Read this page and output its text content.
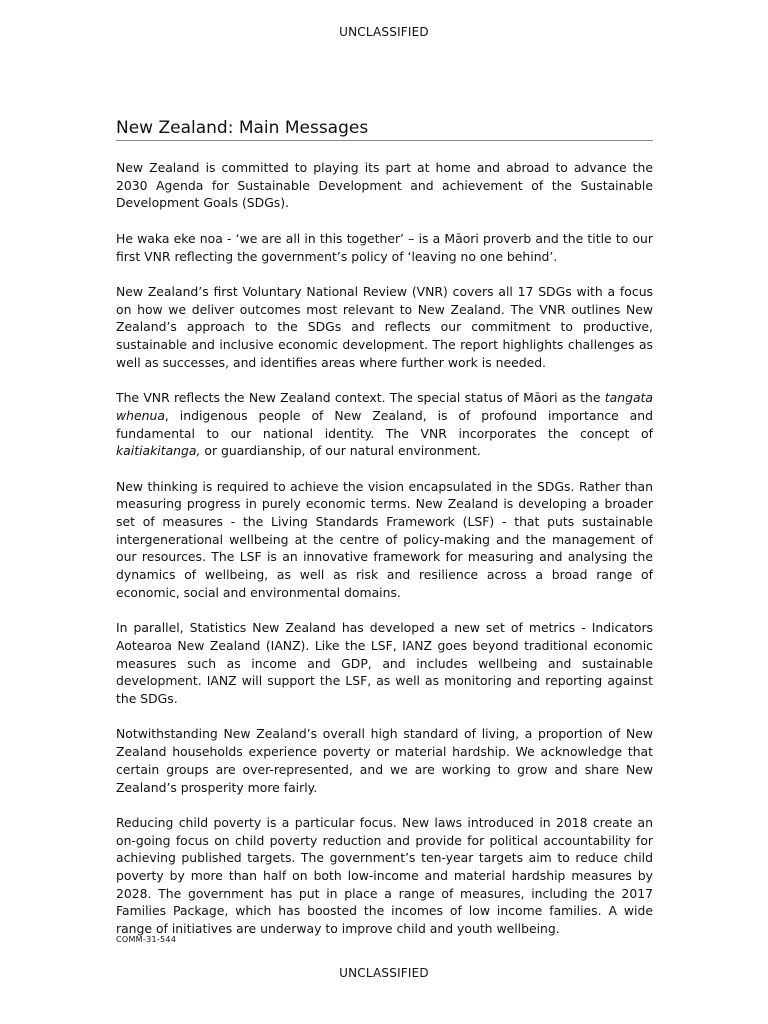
UNCLASSIFIED
New Zealand: Main Messages

New Zealand is committed to playing its part at home and abroad to advance the 2030 Agenda for Sustainable Development and achievement of the Sustainable Development Goals (SDGs).

He waka eke noa - ‘we are all in this together’ – is a Māori proverb and the title to our first VNR reflecting the government’s policy of ‘leaving no one behind’.

New Zealand’s first Voluntary National Review (VNR) covers all 17 SDGs with a focus on how we deliver outcomes most relevant to New Zealand. The VNR outlines New Zealand’s approach to the SDGs and reflects our commitment to productive, sustainable and inclusive economic development. The report highlights challenges as well as successes, and identifies areas where further work is needed.

The VNR reflects the New Zealand context. The special status of Māori as the tangata whenua, indigenous people of New Zealand, is of profound importance and fundamental to our national identity. The VNR incorporates the concept of kaitiakitanga, or guardianship, of our natural environment.

New thinking is required to achieve the vision encapsulated in the SDGs. Rather than measuring progress in purely economic terms. New Zealand is developing a broader set of measures - the Living Standards Framework (LSF) - that puts sustainable intergenerational wellbeing at the centre of policy-making and the management of our resources. The LSF is an innovative framework for measuring and analysing the dynamics of wellbeing, as well as risk and resilience across a broad range of economic, social and environmental domains.

In parallel, Statistics New Zealand has developed a new set of metrics - Indicators Aotearoa New Zealand (IANZ). Like the LSF, IANZ goes beyond traditional economic measures such as income and GDP, and includes wellbeing and sustainable development. IANZ will support the LSF, as well as monitoring and reporting against the SDGs.

Notwithstanding New Zealand’s overall high standard of living, a proportion of New Zealand households experience poverty or material hardship. We acknowledge that certain groups are over-represented, and we are working to grow and share New Zealand’s prosperity more fairly.

Reducing child poverty is a particular focus. New laws introduced in 2018 create an on-going focus on child poverty reduction and provide for political accountability for achieving published targets. The government’s ten-year targets aim to reduce child poverty by more than half on both low-income and material hardship measures by 2028. The government has put in place a range of measures, including the 2017 Families Package, which has boosted the incomes of low income families. A wide range of initiatives are underway to improve child and youth wellbeing.

COMM-31-544
UNCLASSIFIED
